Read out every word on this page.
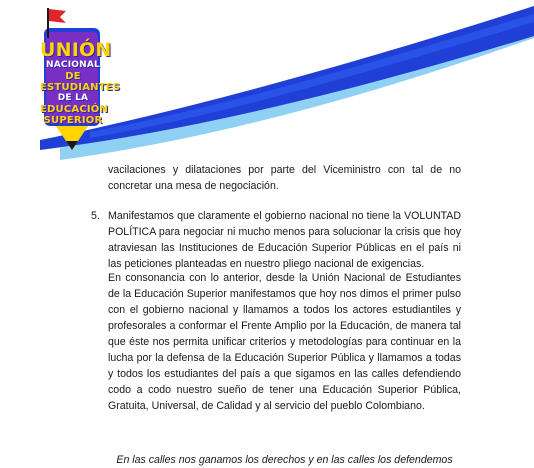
UNIÓN
NACIONAL
DE ESTUDIANTES
DE LA
EDUCACIÓN
SUPERIOR

vacilaciones y dilataciones por parte del Viceministro con tal de no concretar una mesa de negociación.

5. Manifestamos que claramente el gobierno nacional no tiene la VOLUNTAD POLÍTICA para negociar ni mucho menos para solucionar la crisis que hoy atraviesan las Instituciones de Educación Superior Públicas en el país ni las peticiones planteadas en nuestro pliego nacional de exigencias.

En consonancia con lo anterior, desde la Unión Nacional de Estudiantes de la Educación Superior manifestamos que hoy nos dimos el primer pulso con el gobierno nacional y llamamos a todos los actores estudiantiles y profesorales a conformar el Frente Amplio por la Educación, de manera tal que éste nos permita unificar criterios y metodologías para continuar en la lucha por la defensa de la Educación Superior Pública y llamamos a todas y todos los estudiantes del país a que sigamos en las calles defendiendo codo a codo nuestro sueño de tener una Educación Superior Pública, Gratuita, Universal, de Calidad y al servicio del pueblo Colombiano.

En las calles nos ganamos los derechos y en las calles los defendemos
